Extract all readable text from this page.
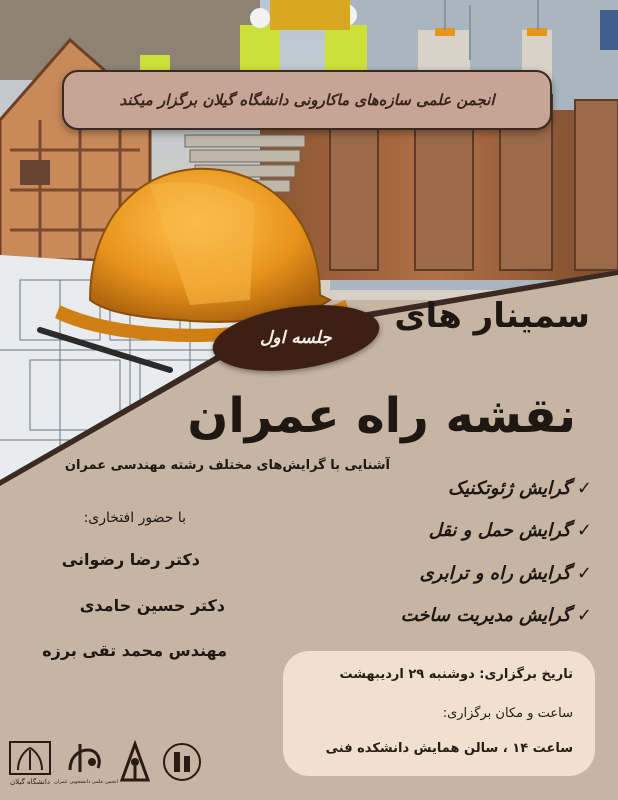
انجمن علمی سازه‌های ماکارونی دانشگاه گیلان برگزار میکند
سمینار های
جلسه اول
نقشه راه عمران
آشنایی با گرایش‌های مختلف رشته مهندسی عمران
با حضور افتخاری:
دکتر رضا رضوانی
دکتر حسین حامدی
مهندس محمد تقی برزه
✓ گرایش ژئوتکنیک
✓ گرایش حمل و نقل
✓ گرایش راه و ترابری
✓ گرایش مدیریت ساخت
تاریخ برگزاری: دوشنبه ۲۹ اردیبهشت
ساعت و مکان برگزاری:
ساعت ۱۴ ، سالن همایش دانشکده فنی
دانشگاه گیلان انجمن علمی دانشجویی عمران
